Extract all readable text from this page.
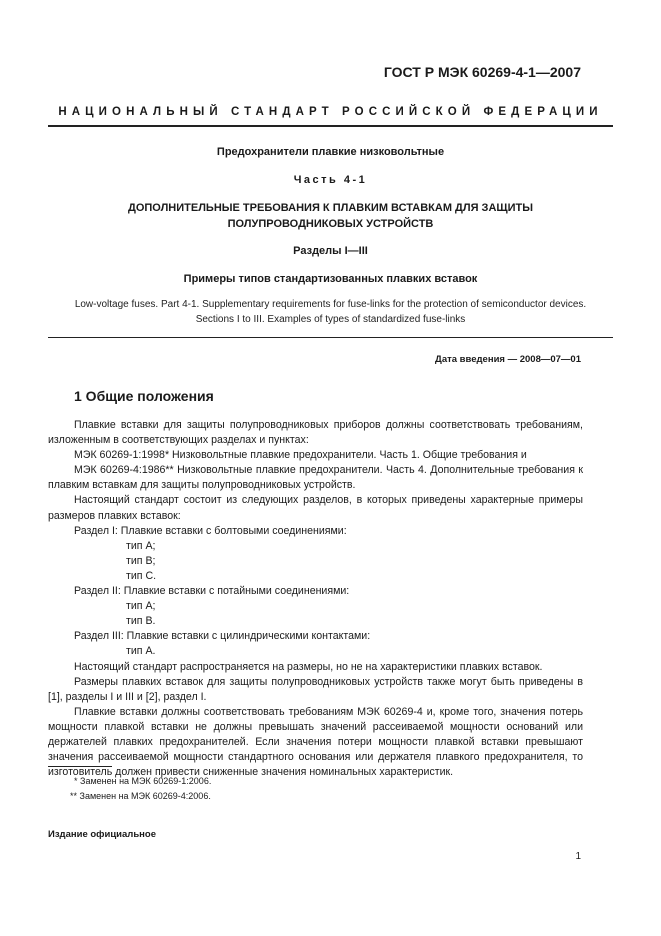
ГОСТ Р МЭК 60269-4-1—2007
НАЦИОНАЛЬНЫЙ СТАНДАРТ РОССИЙСКОЙ ФЕДЕРАЦИИ
Предохранители плавкие низковольтные
Часть 4-1
ДОПОЛНИТЕЛЬНЫЕ ТРЕБОВАНИЯ К ПЛАВКИМ ВСТАВКАМ ДЛЯ ЗАЩИТЫ
ПОЛУПРОВОДНИКОВЫХ УСТРОЙСТВ
Разделы I—III
Примеры типов стандартизованных плавких вставок
Low-voltage fuses. Part 4-1. Supplementary requirements for fuse-links for the protection of semiconductor devices.
Sections I to III. Examples of types of standardized fuse-links
Дата введения — 2008—07—01
1 Общие положения

Плавкие вставки для защиты полупроводниковых приборов должны соответствовать требованиям, изложенным в соответствующих разделах и пунктах:

МЭК 60269-1:1998* Низковольтные плавкие предохранители. Часть 1. Общие требования и

МЭК 60269-4:1986** Низковольтные плавкие предохранители. Часть 4. Дополнительные требования к плавким вставкам для защиты полупроводниковых устройств.

Настоящий стандарт состоит из следующих разделов, в которых приведены характерные примеры размеров плавких вставок:

Раздел I: Плавкие вставки с болтовыми соединениями:

тип A;

тип B;

тип C.

Раздел II: Плавкие вставки с потайными соединениями:

тип A;

тип B.

Раздел III: Плавкие вставки с цилиндрическими контактами:

тип A.

Настоящий стандарт распространяется на размеры, но не на характеристики плавких вставок.

Размеры плавких вставок для защиты полупроводниковых устройств также могут быть приведены в [1], разделы I и III и [2], раздел I.

Плавкие вставки должны соответствовать требованиям МЭК 60269-4 и, кроме того, значения потерь мощности плавкой вставки не должны превышать значений рассеиваемой мощности оснований или держателей плавких предохранителей. Если значения потери мощности плавкой вставки превышают значения рассеиваемой мощности стандартного основания или держателя плавкого предохранителя, то изготовитель должен привести сниженные значения номинальных характеристик.

* Заменен на МЭК 60269-1:2006.
** Заменен на МЭК 60269-4:2006.
Издание официальное
1
